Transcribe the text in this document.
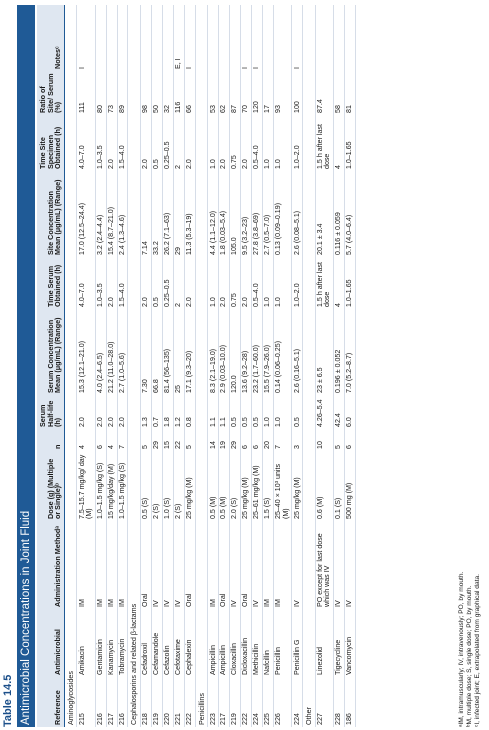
Table 14.5 Antimicrobial Concentrations in Joint Fluid	Reference	Antimicrobial	Administration Methodᵃ	Dose (g) (Multiple or Single)ᵇ	n	Serum Half-life (h)	Serum Concentration Mean (μg/mL) (Range)	Time Serum Obtained (h)	Site Concentration Mean (μg/mL) (Range)	Time Site Specimen Obtained (h)	Ratio of Site/ Serum (%)	Notesᶜ
Aminoglycosides											
215	Amikacin	IM	7.5–15.7 mg/kg/ day (M)	4	2.0	15.3 (12.1–21.0)	4.0–7.0	17.0 (12.5–24.4)	4.0–7.0	111	I
216	Gentamicin	IM	1.0–1.5 mg/kg (S)	6	2.0	4.0 (2.4–6.5)	1.0–3.5	3.2 (2.4–4.4)	1.0–3.5	80	
217	Kanamycin	IM	15 mg/kg/day (M)	4	2.0	21.2 (11.0–28.0)	2.0	15.4 (8.7–21.0)	2.0	73	
216	Tobramycin	IM	1.0–1.5 mg/kg (S)	7	2.0	2.7 (1.0–5.6)	1.5–4.0	2.4 (1.3–4.6)	1.5–4.0	89	
Cephalosporins and related β-lactams											
218	Cefadroxil	Oral	0.5 (S)	5	1.3	7.30	2.0	7.14	2.0	98	
219	Cefamandole	IV	2 (S)	29	0.7	66.8	0.5	33.2	0.5	50	
220	Cefazolin	IV	1.0 (S)	15	1.8	81.4 (56–135)	0.25–0.5	26.2 (7.1–63)	0.25–0.5	32	
221	Cefotaxime	IV	2 (S)	22	1.2	25	2	29	2	116	E, I
222	Cephalexin	Oral	25 mg/kg (M)	5	0.8	17.1 (9.3–20)	2.0	11.3 (5.3–19)	2.0	66	I
Penicillins											
223	Ampicillin	IM	0.5 (M)	14	1.1	8.3 (2.1–19.0)	1.0	4.4 (1.1–12.0)	1.0	53	
217	Ampicillin	Oral	0.5 (M)	19	1.1	2.9 (0.03–10.0)	2.0	1.8 (0.03–5.4)	2.0	62	
219	Cloxacillin	IV	2.0 (S)	29	0.5	120.0	0.75	105.0	0.75	87	
222	Dicloxacillin	Oral	25 mg/kg (M)	6	0.5	13.6 (9.2–28)	2.0	9.5 (3.2–23)	2.0	70	I
224	Methicillin	IV	25–61 mg/kg (M)	6	0.5	23.2 (1.7–60.0)	0.5–4.0	27.8 (3.8–69)	0.5–4.0	120	I
225	Nafcillin	IM	1.5 (S)	20	1.0	15.5 (7.9–26.0)	1.0	2.7 (0.5–7.0)	1.0	17	
226	Penicillin	IM	25–40 × 10³ units (M)	7	1.0	0.14 (0.06–0.25)	1.0	0.13 (0.09–0.19)	1.0	93	
224	Penicillin G	IV	25 mg/kg (M)	3	0.5	2.6 (0.16–5.1)	1.0–2.0	2.6 (0.08–5.1)	1.0–2.0	100	I
Other											
227	Linezolid	PO except for last dose which was IV	0.6 (M)	10	4.26–5.4	23 ± 6.5	1.5 h after last dose	20.1 ± 3.4	1.5 h after last dose	87.4	
228	Tigecycline	IV	0.1 (S)	5	42.4	0.196 ± 0.052	4	0.116 ± 0.059	4	58	
186	Vancomycin	IV	500 mg (M)	6	6.0	7.0 (5.2–8.7)	1.0–1.65	5.7 (4.0–6.4)	1.0–1.65	81	
ᵃIM, intramuscularly; IV, intravenously; PO, by mouth. ᵇM, multiple dose; S, single dose; PO, by mouth. ᶜI, infected joint; E, extrapolated from graphical data.
